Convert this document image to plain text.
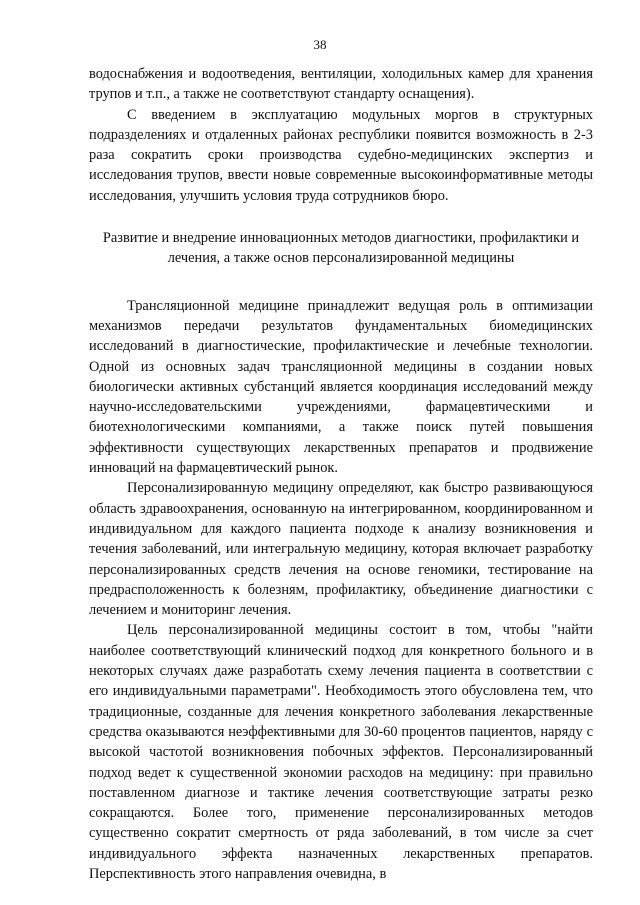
38

водоснабжения и водоотведения, вентиляции, холодильных камер для хранения трупов и т.п., а также не соответствуют стандарту оснащения).

С введением в эксплуатацию модульных моргов в структурных подразделениях и отдаленных районах республики появится возможность в 2-3 раза сократить сроки производства судебно-медицинских экспертиз и исследования трупов, ввести новые современные высокоинформативные методы исследования, улучшить условия труда сотрудников бюро.

Развитие и внедрение инновационных методов диагностики, профилактики и лечения, а также основ персонализированной медицины

Трансляционной медицине принадлежит ведущая роль в оптимизации механизмов передачи результатов фундаментальных биомедицинских исследований в диагностические, профилактические и лечебные технологии. Одной из основных задач трансляционной медицины в создании новых биологически активных субстанций является координация исследований между научно-исследовательскими учреждениями, фармацевтическими и биотехнологическими компаниями, а также поиск путей повышения эффективности существующих лекарственных препаратов и продвижение инноваций на фармацевтический рынок.

Персонализированную медицину определяют, как быстро развивающуюся область здравоохранения, основанную на интегрированном, координированном и индивидуальном для каждого пациента подходе к анализу возникновения и течения заболеваний, или интегральную медицину, которая включает разработку персонализированных средств лечения на основе геномики, тестирование на предрасположенность к болезням, профилактику, объединение диагностики с лечением и мониторинг лечения.

Цель персонализированной медицины состоит в том, чтобы "найти наиболее соответствующий клинический подход для конкретного больного и в некоторых случаях даже разработать схему лечения пациента в соответствии с его индивидуальными параметрами". Необходимость этого обусловлена тем, что традиционные, созданные для лечения конкретного заболевания лекарственные средства оказываются неэффективными для 30-60 процентов пациентов, наряду с высокой частотой возникновения побочных эффектов. Персонализированный подход ведет к существенной экономии расходов на медицину: при правильно поставленном диагнозе и тактике лечения соответствующие затраты резко сокращаются. Более того, применение персонализированных методов существенно сократит смертность от ряда заболеваний, в том числе за счет индивидуального эффекта назначенных лекарственных препаратов. Перспективность этого направления очевидна, в
